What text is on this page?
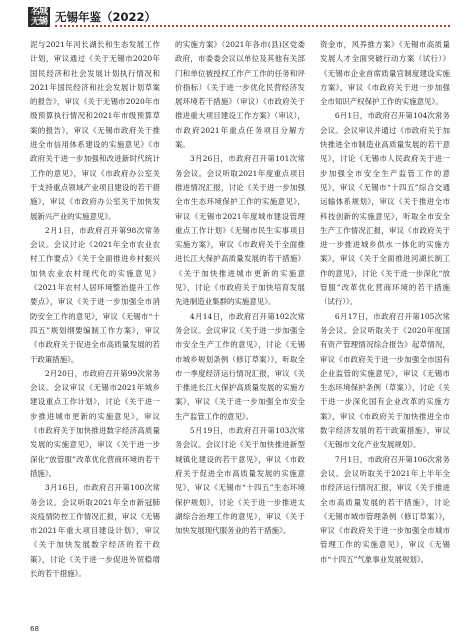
名城
无锡 无锡年鉴（2022）

泥与2021年河长湖长和生态发展工作计划，审议通过《关于无锡市2020年国民经济和社会发展计划执行情况和2021年国民经济和社会发展计划草案的报告》，审议《关于无锡市2020年市级预算执行情况和2021年市级预算草案的报告》，审议《无锡市政府关于推进全市信用体系建设的实施意见》《市政府关于进一步加强和改进新时代统计工作的意见》，审议《市政府办公室关于支持重点领域产业项目建设的若干措施》，审议《市政府办公室关于加快发展新兴产业的实施意见》。

2月1日，市政府召开第98次常务会议。会议讨论《2021年全市农业农村工作要点》《关于全面推进乡村振兴加快农业农村现代化的实施意见》《2021年农村人居环境整治提升工作要点》，审议《关于进一步加强全市消防安全工作的意见》，审议《无锡市“十四五”规划纲要编制工作方案》，审议《市政府关于促进全市高质量发展的若干政策措施》。

2月20日，市政府召开第99次常务会议。会议审议《无锡市2021年城乡建设重点工作计划》，讨论《关于进一步推进城市更新的实施意见》，审议《市政府关于加快推进数字经济高质量发展的实施意见》，审议《关于进一步深化“放管服”改革优化营商环境的若干措施》。

3月16日，市政府召开第100次常务会议。会议听取2021年全市新冠肺炎疫情防控工作情况汇报，审议《无锡市2021年重大项目建设计划》，审议《关于加快发展数字经济的若干政策》，讨论《关于进一步促进外贸稳增长的若干措施》。

的实施方案》（2021年各市(县)区党委政府，市委委会议以单位及其他有关部门和单位被授权工作产工作的任务和评价指标）《关于进一步优化民营经济发展环境若干措施》（审议）《市政府关于推进重大项目建设工作方案》（审议），市政府2021年重点任务项目分解方案。

3月26日，市政府召开第101次常务会议。会议听取2021年度重点项目推进情况汇报，讨论《关于进一步加强全市生态环境保护工作的实施意见》，审议《无锡市2021年度城市建设管理重点工作计划》《无锡市民生实事项目实施方案》，审议《市政府关于全面推进长江大保护高质量发展的若干措施》《关于加快推进城市更新的实施意见》，讨论《市政府关于加快培育发展先进制造业集群的实施意见》。

4月14日，市政府召开第102次常务会议。会议审议《关于进一步加强全市安全生产工作的意见》，讨论《无锡市城乡规划条例（修订草案）》，听取全市一季度经济运行情况汇报，审议《关于推进长江大保护高质量发展的实施方案》，审议《关于进一步加强全市安全生产监管工作的意见》。

5月19日，市政府召开第103次常务会议。会议讨论《关于加快推进新型城镇化建设的若干意见》，审议《市政府关于促进全市高质量发展的实施意见》，审议《无锡市“十四五”生态环境保护规划》，讨论《关于进一步推进太湖综合治理工作的意见》，审议《关于加快发展现代服务业的若干措施》。

资金市，风养推方案》《无锡市高质量发展人才全面突破行动方案（试行）》《无锡市企业首席质量官制度建设实施方案》，审议《市政府关于进一步加强全市知识产权保护工作的实施意见》。

6月1日，市政府召开第104次常务会议。会议审议并通过《市政府关于加快推进全市制造业高质量发展的若干意见》，讨论《无锡市人民政府关于进一步加强全市安全生产监管工作的意见》，审议《无锡市“十四五”综合交通运输体系规划》，审议《关于推进全市科技创新的实施意见》，听取全市安全生产工作情况汇报，审议《市政府关于进一步推进城乡供水一体化的实施方案》，审议《关于全面推进河湖长制工作的意见》，讨论《关于进一步深化“放管服”改革优化营商环境的若干措施（试行）》。

6月17日，市政府召开第105次常务会议。会议听取关于《2020年度国有资产管理情况综合报告》起草情况，审议《市政府关于进一步加强全市国有企业监管的实施意见》，审议《无锡市生态环境保护条例（草案）》，讨论《关于进一步深化国有企业改革的实施方案》，审议《市政府关于加快推进全市数字经济发展的若干政策措施》，审议《无锡市文化产业发展规划》。

7月1日，市政府召开第106次常务会议。会议听取关于2021年上半年全市经济运行情况汇报，审议《关于推进全市高质量发展的若干措施》，讨论《无锡市城市管理条例（修订草案）》，审议《市政府关于进一步加强全市城市管理工作的实施意见》，审议《无锡市“十四五”气象事业发展规划》。

68
